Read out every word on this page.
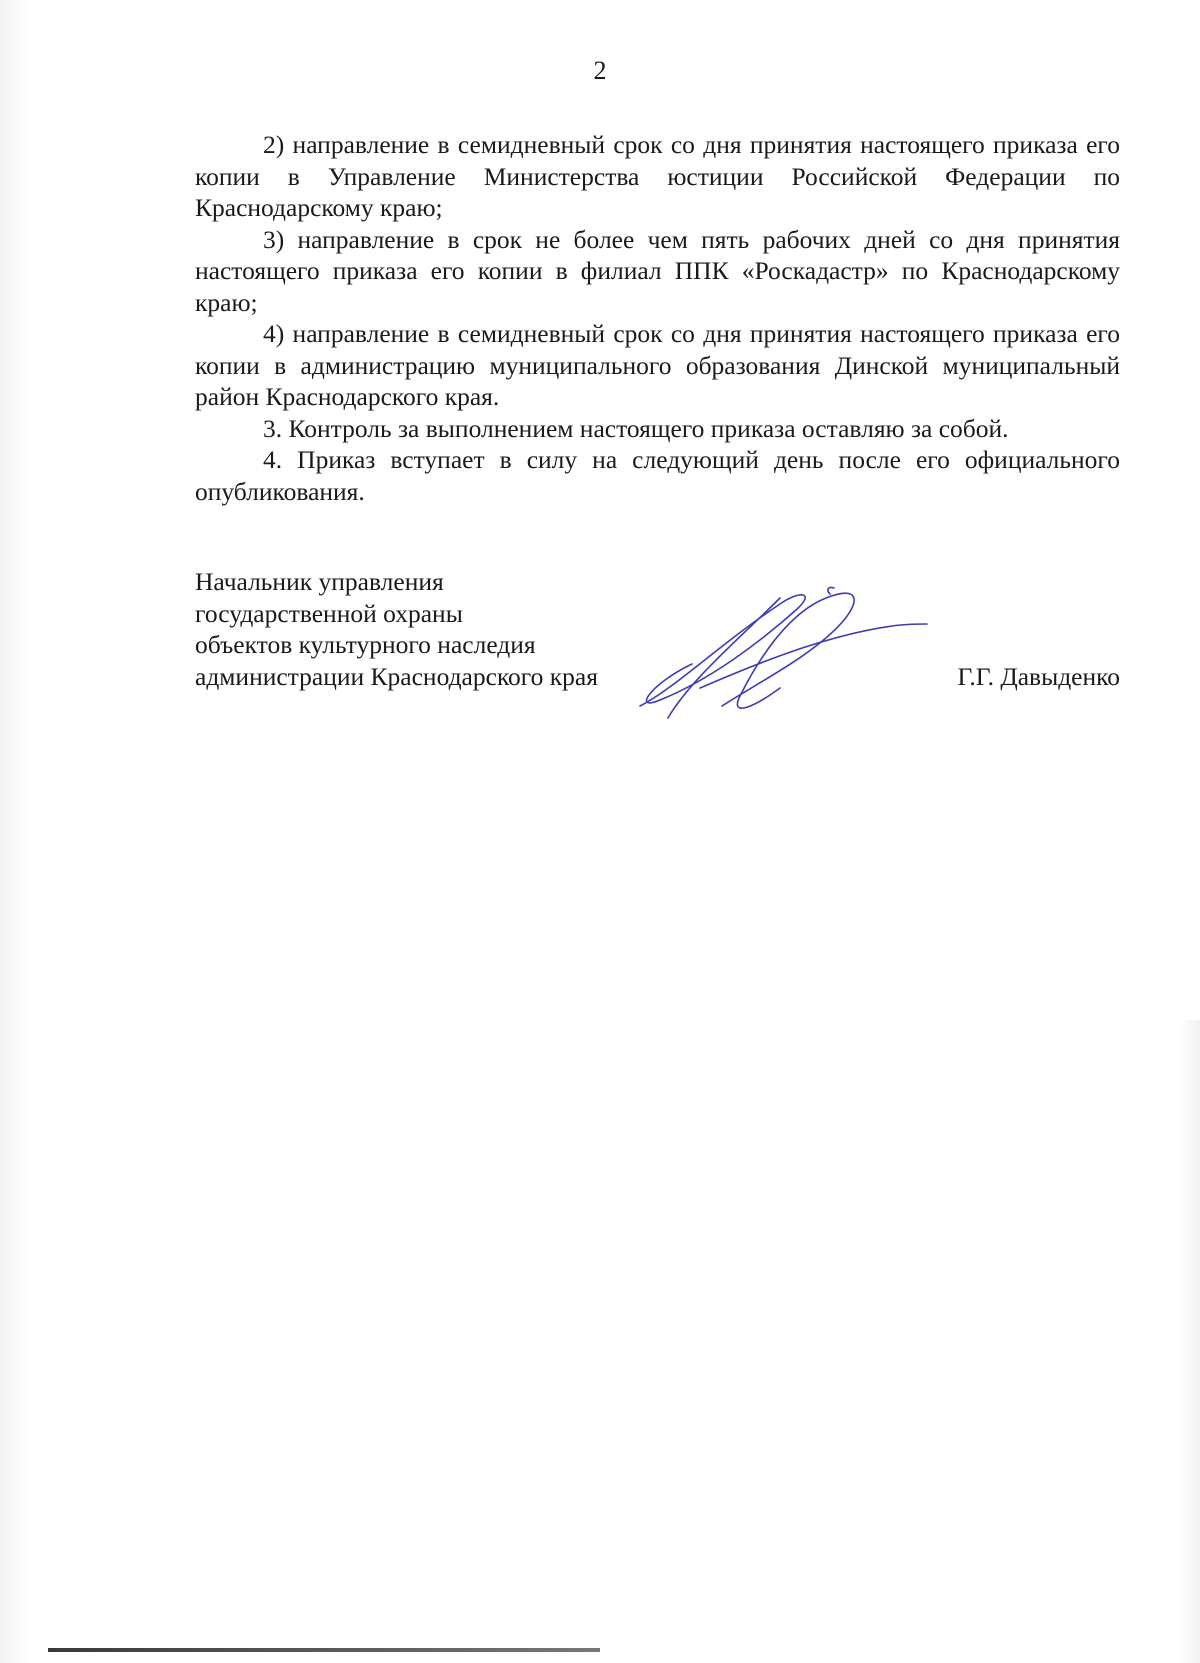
2

2) направление в семидневный срок со дня принятия настоящего приказа его копии в Управление Министерства юстиции Российской Федерации по Краснодарскому краю;

3) направление в срок не более чем пять рабочих дней со дня принятия настоящего приказа его копии в филиал ППК «Роскадастр» по Краснодарскому краю;

4) направление в семидневный срок со дня принятия настоящего приказа его копии в администрацию муниципального образования Динской муниципальный район Краснодарского края.

3. Контроль за выполнением настоящего приказа оставляю за собой.

4. Приказ вступает в силу на следующий день после его официального опубликования.

Начальник управления
государственной охраны
объектов культурного наследия
администрации Краснодарского края	Г.Г. Давыденко
